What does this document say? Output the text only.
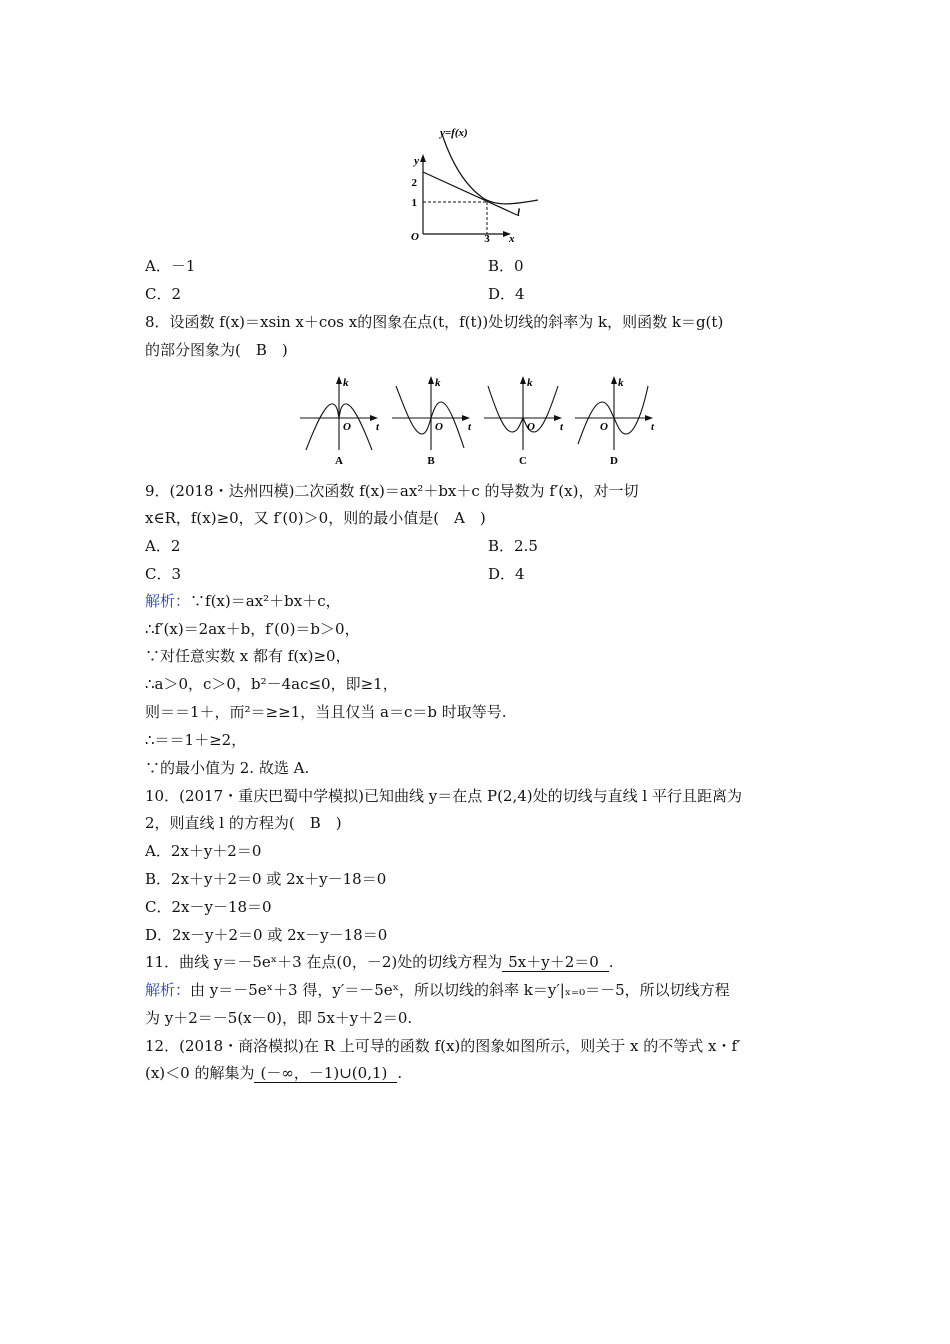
y=f(x)
y
x
O
2
1
3
l
A．－1	B．0
C．2	D．4
8．设函数 f(x)＝xsin x＋cos x的图象在点(t，f(t))处切线的斜率为 k，则函数 k＝g(t)
的部分图象为(　B　)
k
t
O
A
k
t
O
B
k
t
O
C
k
t
O
D
9．(2018・达州四模)二次函数 f(x)＝ax²＋bx＋c 的导数为 f′(x)，对一切
x∈R，f(x)≥0，又 f′(0)＞0，则的最小值是(　A　)
A．2	B．2.5
C．3	D．4
解析：∵f(x)＝ax²＋bx＋c，
∴f′(x)＝2ax＋b，f′(0)＝b＞0，
∵对任意实数 x 都有 f(x)≥0，
∴a＞0，c＞0，b²－4ac≤0，即≥1，
则＝＝1＋，而²＝≥≥1，当且仅当 a＝c＝b 时取等号.
∴＝＝1＋≥2，
∵的最小值为 2. 故选 A.
10．(2017・重庆巴蜀中学模拟)已知曲线 y＝在点 P(2,4)处的切线与直线 l 平行且距离为
2，则直线 l 的方程为(　B　)
A．2x＋y＋2＝0
B．2x＋y＋2＝0 或 2x＋y－18＝0
C．2x－y－18＝0
D．2x－y＋2＝0 或 2x－y－18＝0
11．曲线 y＝－5eˣ＋3 在点(0，－2)处的切线方程为 5x＋y＋2＝0 .
解析：由 y＝－5eˣ＋3 得，y′＝－5eˣ，所以切线的斜率 k＝y′|ₓ₌₀＝－5，所以切线方程
为 y＋2＝－5(x－0)，即 5x＋y＋2＝0.
12．(2018・商洛模拟)在 R 上可导的函数 f(x)的图象如图所示，则关于 x 的不等式 x・f′
(x)＜0 的解集为 (－∞，－1)∪(0,1) .
